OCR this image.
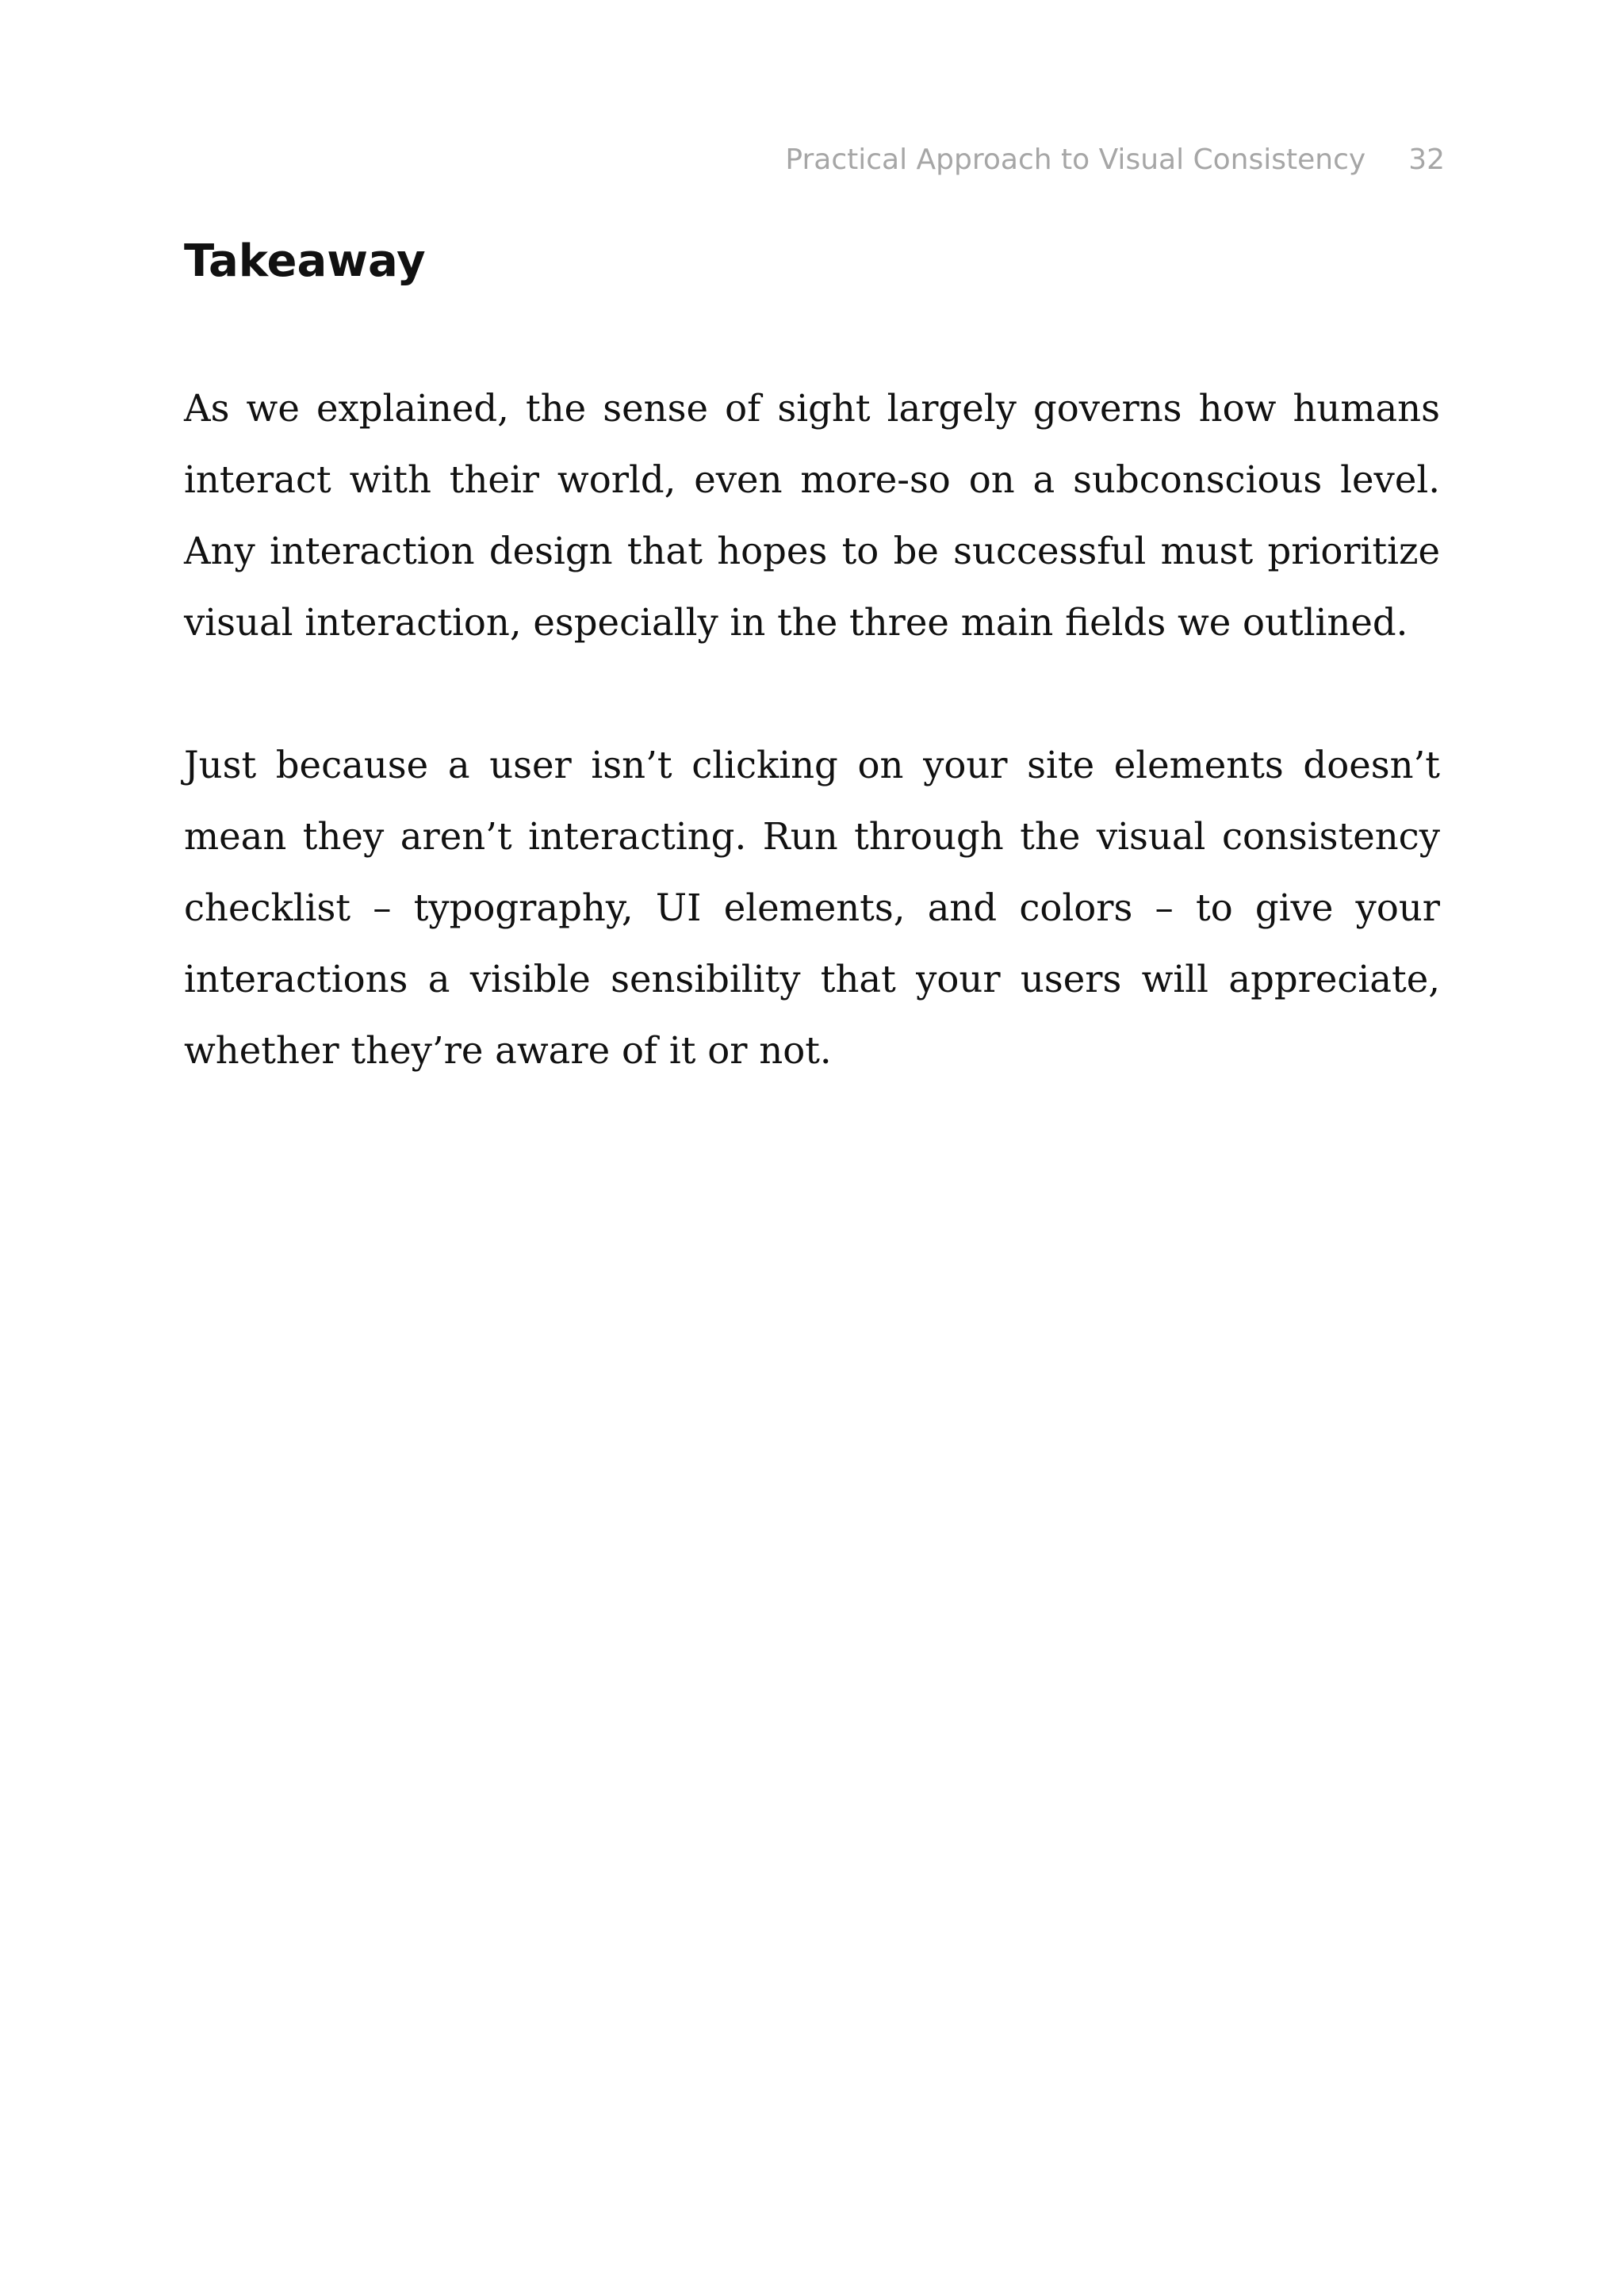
Practical Approach to Visual Consistency 32
Takeaway

As we explained, the sense of sight largely governs how humans interact with their world, even more-so on a subconscious level. Any interaction design that hopes to be successful must prioritize visual interaction, especially in the three main fields we outlined.

Just because a user isn’t clicking on your site elements doesn’t mean they aren’t interacting. Run through the visual consistency checklist – typography, UI elements, and colors – to give your interactions a visible sensibility that your users will appreciate, whether they’re aware of it or not.
